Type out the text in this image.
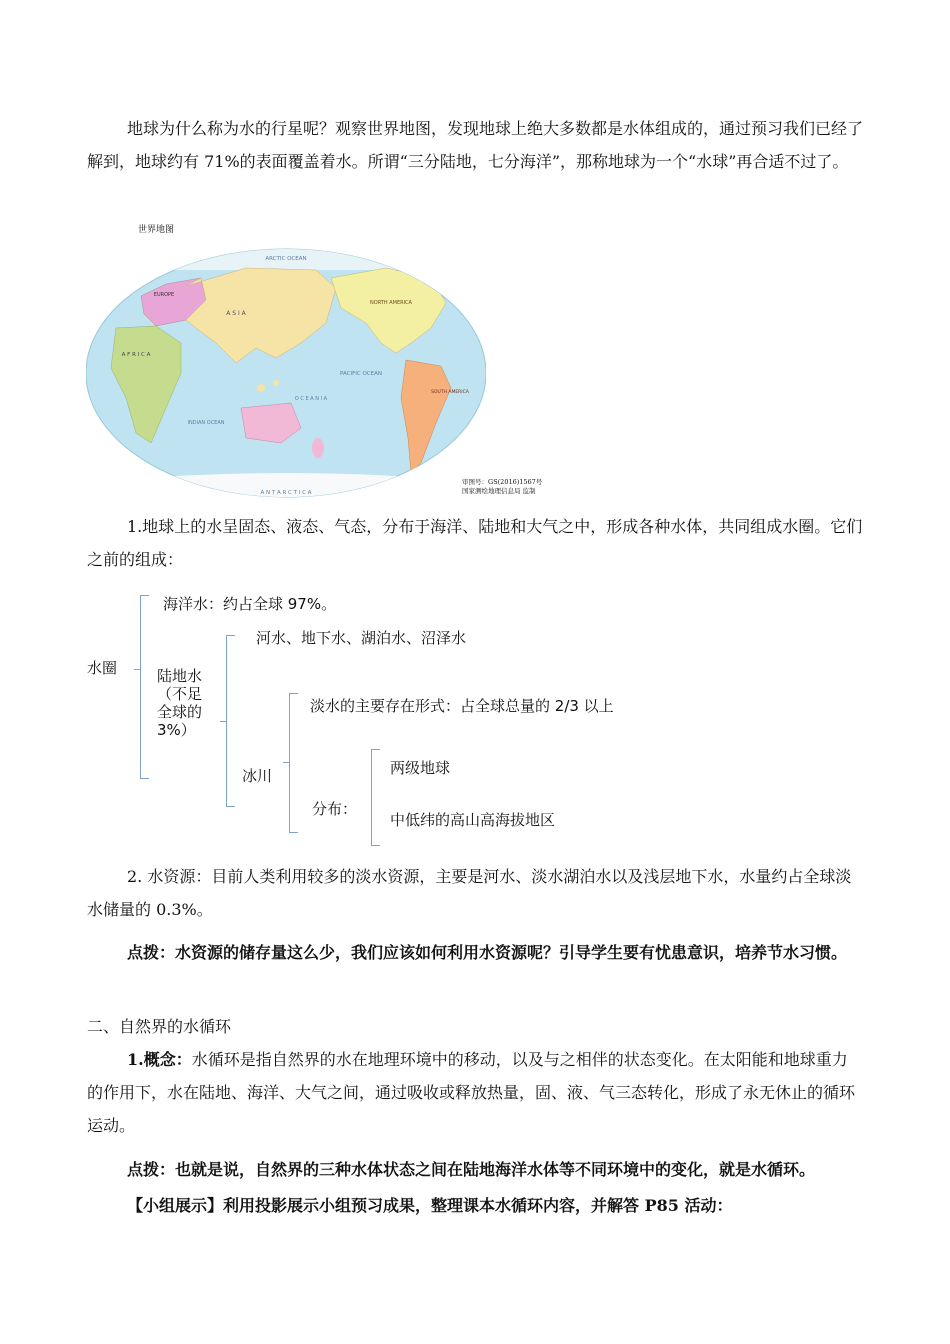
地球为什么称为水的行星呢？观察世界地图，发现地球上绝大多数都是水体组成的，通过预习我们已经了解到，地球约有 71%的表面覆盖着水。所谓“三分陆地，七分海洋”，那称地球为一个“水球”再合适不过了。
世界地图
ARCTIC OCEAN
EUROPE
A S I A
A F R I C A
NORTH AMERICA
SOUTH AMERICA
PACIFIC OCEAN
O C E A N I A
INDIAN OCEAN
A N T A R C T I C A
审图号：GS(2016)1567号
国家测绘地理信息局 监制
1.地球上的水呈固态、液态、气态，分布于海洋、陆地和大气之中，形成各种水体，共同组成水圈。它们之前的组成：
水圈
海洋水：约占全球 97%。
陆地水
（不足
全球的
3%）
河水、地下水、湖泊水、沼泽水
冰川
淡水的主要存在形式：占全球总量的 2/3 以上
分布：
两级地球
中低纬的高山高海拔地区
2. 水资源：目前人类利用较多的淡水资源，主要是河水、淡水湖泊水以及浅层地下水，水量约占全球淡水储量的 0.3%。
点拨：水资源的储存量这么少，我们应该如何利用水资源呢？引导学生要有忧患意识，培养节水习惯。
二、自然界的水循环
1.概念：水循环是指自然界的水在地理环境中的移动，以及与之相伴的状态变化。在太阳能和地球重力的作用下，水在陆地、海洋、大气之间，通过吸收或释放热量，固、液、气三态转化，形成了永无休止的循环运动。
点拨：也就是说，自然界的三种水体状态之间在陆地海洋水体等不同环境中的变化，就是水循环。
【小组展示】利用投影展示小组预习成果，整理课本水循环内容，并解答 P85 活动：
